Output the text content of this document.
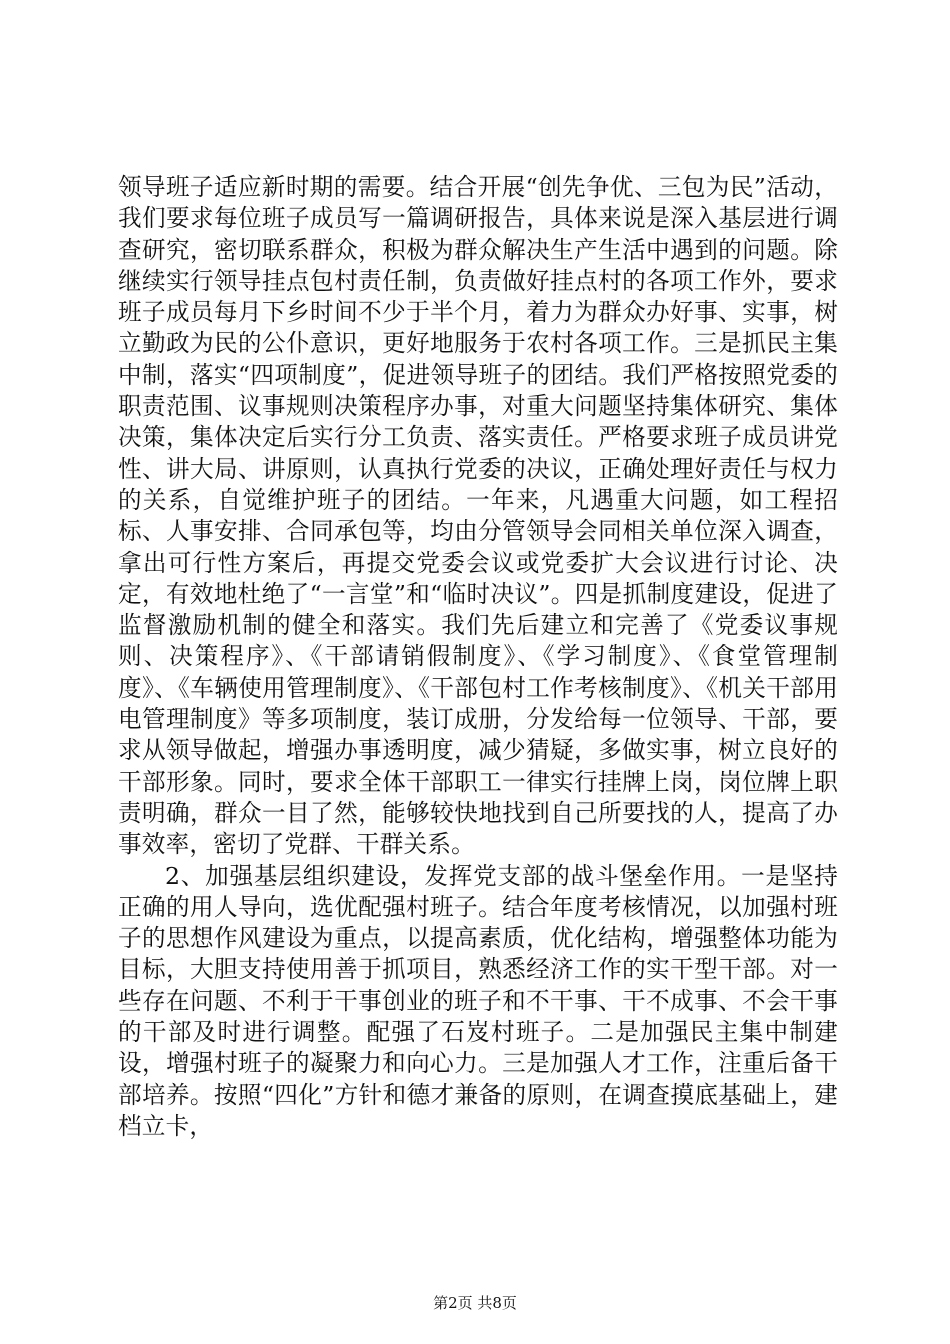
领导班子适应新时期的需要。结合开展“创先争优、三包为民”活动，我们要求每位班子成员写一篇调研报告，具体来说是深入基层进行调查研究，密切联系群众，积极为群众解决生产生活中遇到的问题。除继续实行领导挂点包村责任制，负责做好挂点村的各项工作外，要求班子成员每月下乡时间不少于半个月，着力为群众办好事、实事，树立勤政为民的公仆意识，更好地服务于农村各项工作。三是抓民主集中制，落实“四项制度”，促进领导班子的团结。我们严格按照党委的职责范围、议事规则决策程序办事，对重大问题坚持集体研究、集体决策，集体决定后实行分工负责、落实责任。严格要求班子成员讲党性、讲大局、讲原则，认真执行党委的决议，正确处理好责任与权力的关系，自觉维护班子的团结。一年来，凡遇重大问题，如工程招标、人事安排、合同承包等，均由分管领导会同相关单位深入调查，拿出可行性方案后，再提交党委会议或党委扩大会议进行讨论、决定，有效地杜绝了“一言堂”和“临时决议”。四是抓制度建设，促进了监督激励机制的健全和落实。我们先后建立和完善了《党委议事规则、决策程序》、《干部请销假制度》、《学习制度》、《食堂管理制度》、《车辆使用管理制度》、《干部包村工作考核制度》、《机关干部用电管理制度》等多项制度，装订成册，分发给每一位领导、干部，要求从领导做起，增强办事透明度，减少猜疑，多做实事，树立良好的干部形象。同时，要求全体干部职工一律实行挂牌上岗，岗位牌上职责明确，群众一目了然，能够较快地找到自己所要找的人，提高了办事效率，密切了党群、干群关系。

2、加强基层组织建设，发挥党支部的战斗堡垒作用。一是坚持正确的用人导向，选优配强村班子。结合年度考核情况，以加强村班子的思想作风建设为重点，以提高素质，优化结构，增强整体功能为目标，大胆支持使用善于抓项目，熟悉经济工作的实干型干部。对一些存在问题、不利于干事创业的班子和不干事、干不成事、不会干事的干部及时进行调整。配强了石岌村班子。二是加强民主集中制建设，增强村班子的凝聚力和向心力。三是加强人才工作，注重后备干部培养。按照“四化”方针和德才兼备的原则，在调查摸底基础上，建档立卡，

第2页 共8页
